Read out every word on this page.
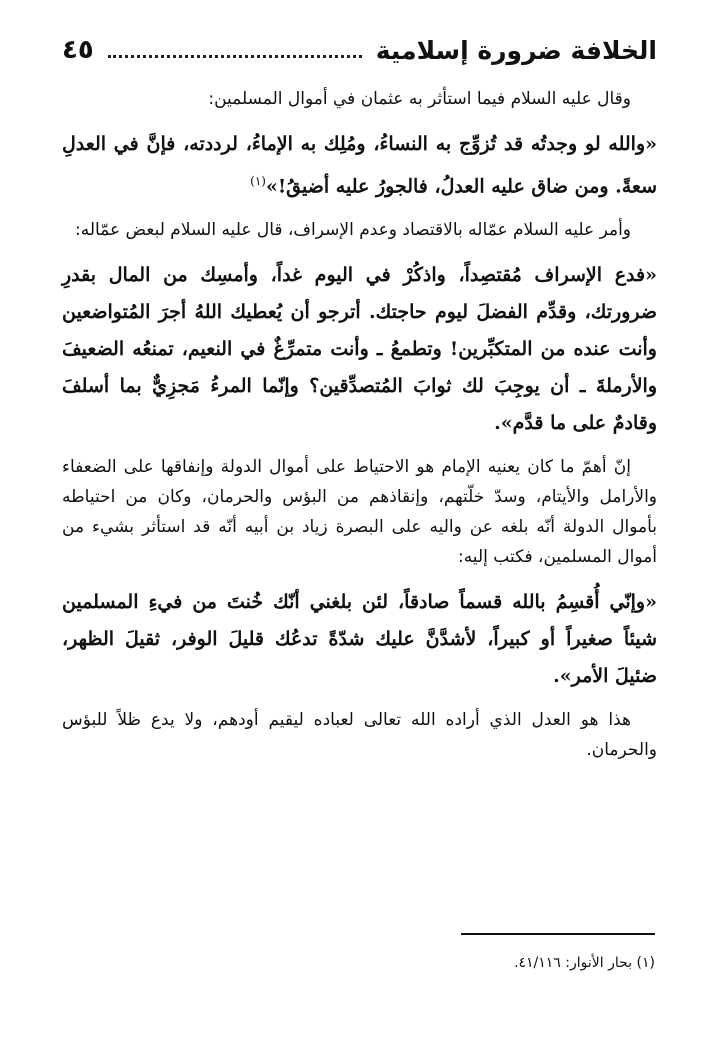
الخلافة ضرورة إسلامية
٤٥

وقال عليه السلام فيما استأثر به عثمان في أموال المسلمين:

«والله لو وجدتُه قد تُزوِّج به النساءُ، ومُلِك به الإماءُ، لرددته، فإنَّ في العدلِ سعةً. ومن ضاق عليه العدلُ، فالجورُ عليه أضيقُ!»$^{(١)}$

وأمر عليه السلام عمّاله بالاقتصاد وعدم الإسراف، قال عليه السلام لبعض عمّاله:

«فدع الإسراف مُقتصِداً، واذكُرْ في اليوم غداً، وأمسِك من المال بقدرِ ضرورتك، وقدِّم الفضلَ ليوم حاجتك. أترجو أن يُعطيك اللهُ أجرَ المُتواضعين وأنت عنده من المتكبِّرين! وتطمعُ ـ وأنت متمرِّغٌ في النعيم، تمنعُه الضعيفَ والأرملةَ ـ أن يوجِبَ لك ثوابَ المُتصدِّقين؟ وإنّما المرءُ مَجزِيٌّ بما أسلفَ وقادمٌ على ما قدَّم».

إنّ أهمّ ما كان يعنيه الإمام هو الاحتياط على أموال الدولة وإنفاقها على الضعفاء والأرامل والأيتام، وسدّ خلّتهم، وإنقاذهم من البؤس والحرمان، وكان من احتياطه بأموال الدولة أنّه بلغه عن واليه على البصرة زياد بن أبيه أنّه قد استأثر بشيء من أموال المسلمين، فكتب إليه:

«وإنّي أُقسِمُ بالله قسماً صادقاً، لئن بلغني أنّك خُنتَ من فيءِ المسلمين شيئاً صغيراً أو كبيراً، لأشدَّنَّ عليك شدّةً تدعُك قليلَ الوفر، ثقيلَ الظهر، ضئيلَ الأمر».

هذا هو العدل الذي أراده الله تعالى لعباده ليقيم أودهم، ولا يدع ظلاً للبؤس والحرمان.

(١) بحار الأنوار: ٤١/١١٦.
